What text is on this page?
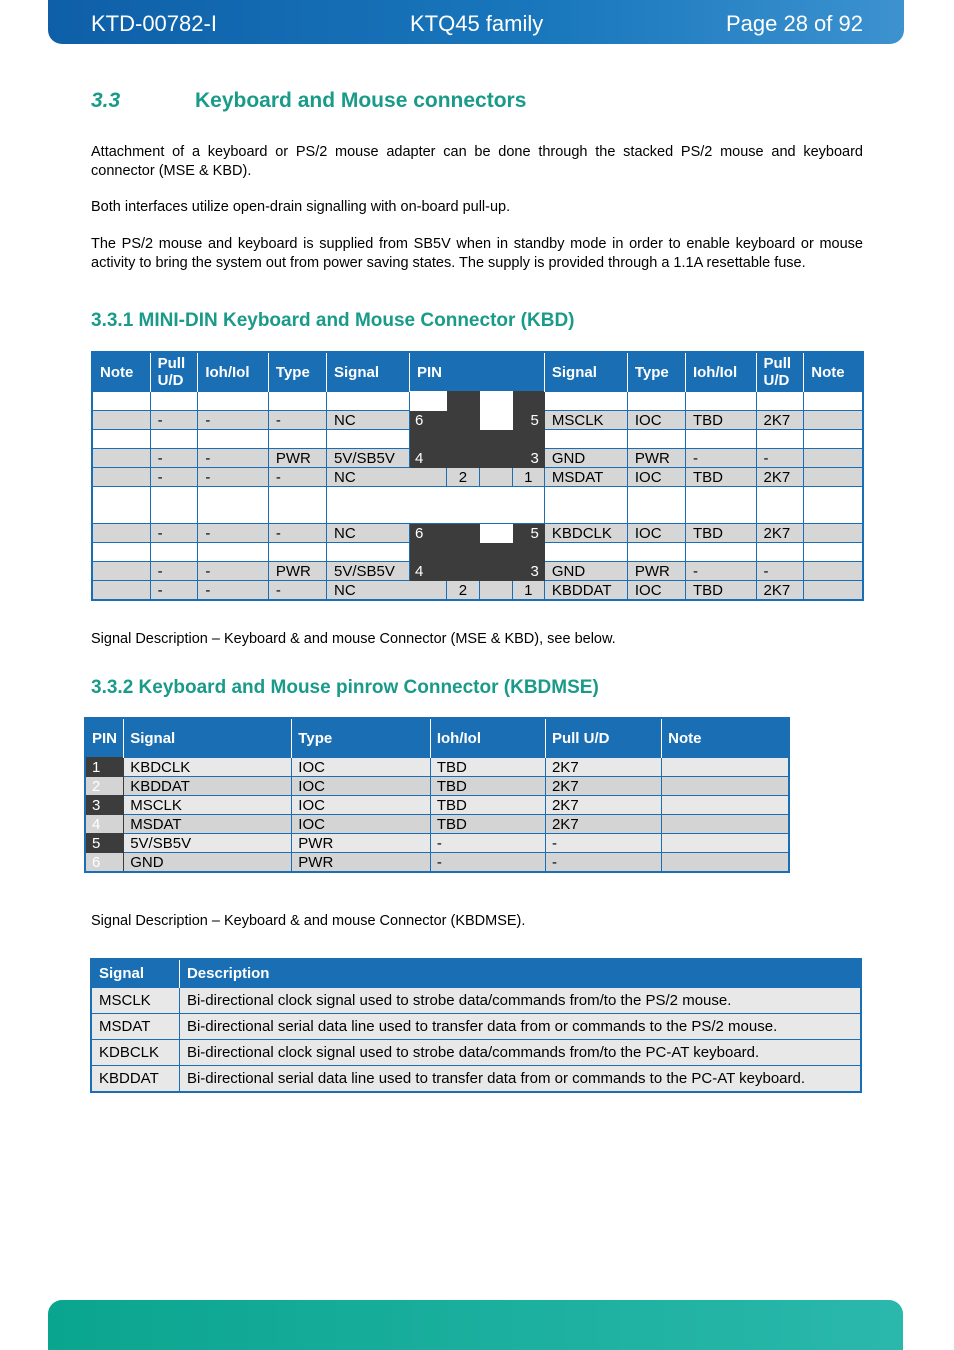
KTD-00782-I	KTQ45 family	Page 28 of 92
3.3	Keyboard and Mouse connectors
Attachment of a keyboard or PS/2 mouse adapter can be done through the stacked PS/2 mouse and keyboard connector (MSE & KBD).
Both interfaces utilize open-drain signalling with on-board pull-up.
The PS/2 mouse and keyboard is supplied from SB5V when in standby mode in order to enable keyboard or mouse activity to bring the system out from power saving states. The supply is provided through a 1.1A resettable fuse.
3.3.1 MINI-DIN Keyboard and Mouse Connector (KBD)
Note	Pull U/D	Ioh/Iol	Type	Signal	PIN				Signal	Type	Ioh/Iol	Pull U/D	Note

	-	-	-	NC	6			5	MSCLK	IOC	TBD	2K7	

	-	-	PWR	5V/SB5V	4			3	GND	PWR	-	-	
	-	-	-	NC		2		1	MSDAT	IOC	TBD	2K7	

	-	-	-	NC	6			5	KBDCLK	IOC	TBD	2K7	

	-	-	PWR	5V/SB5V	4			3	GND	PWR	-	-	
	-	-	-	NC		2		1	KBDDAT	IOC	TBD	2K7	
Signal Description – Keyboard & and mouse Connector (MSE & KBD), see below.
3.3.2 Keyboard and Mouse pinrow Connector (KBDMSE)
PIN	Signal	Type	Ioh/Iol	Pull U/D	Note
1	KBDCLK	IOC	TBD	2K7	
2	KBDDAT	IOC	TBD	2K7	
3	MSCLK	IOC	TBD	2K7	
4	MSDAT	IOC	TBD	2K7	
5	5V/SB5V	PWR	-	-	
6	GND	PWR	-	-	
Signal Description – Keyboard & and mouse Connector (KBDMSE).
Signal	Description
MSCLK	Bi-directional clock signal used to strobe data/commands from/to the PS/2 mouse.
MSDAT	Bi-directional serial data line used to transfer data from or commands to the PS/2 mouse.
KDBCLK	Bi-directional clock signal used to strobe data/commands from/to the PC-AT keyboard.
KBDDAT	Bi-directional serial data line used to transfer data from or commands to the PC-AT keyboard.
